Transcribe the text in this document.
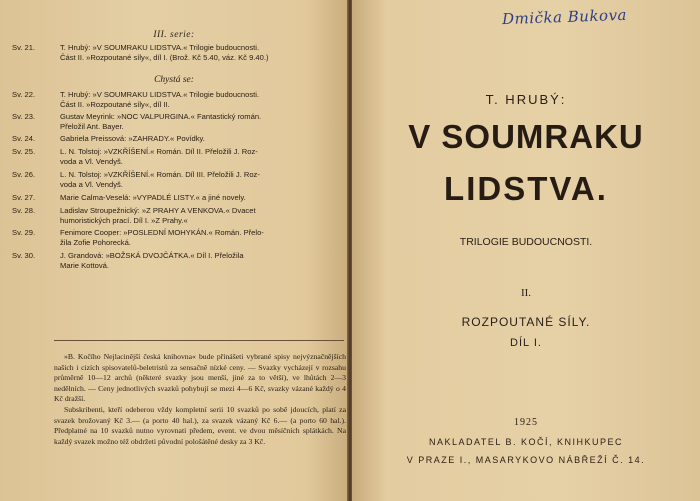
III. serie:
Sv. 21.	T. Hrubý: »V SOUMRAKU LIDSTVA.« Trilogie budoucnosti.
Část II. »Rozpoutané síly«, díl I. (Brož. Kč 5.40, váz. Kč 9.40.)
Chystá se:
Sv. 22.	T. Hrubý: »V SOUMRAKU LIDSTVA.« Trilogie budoucnosti.
Část II. »Rozpoutané síly«, díl II.
Sv. 23.	Gustav Meyrink: »NOC VALPURGINA.« Fantastický román.
Přeložil Ant. Bayer.
Sv. 24.	Gabriela Preissová: »ZAHRADY.« Povídky.
Sv. 25.	L. N. Tolstoj: »VZKŘÍŠENÍ.« Román. Díl II. Přeložili J. Roz-
voda a Vl. Vendyš.
Sv. 26.	L. N. Tolstoj: »VZKŘÍŠENÍ.« Román. Díl III. Přeložili J. Roz-
voda a Vl. Vendyš.
Sv. 27.	Marie Calma-Veselá: »VYPADLÉ LISTY.« a jiné novely.
Sv. 28.	Ladislav Stroupežnický: »Z PRAHY A VENKOVA.« Dvacet
humoristických prací. Díl I. »Z Prahy.«
Sv. 29.	Fenimore Cooper: »POSLEDNÍ MOHYKÁN.« Román. Přelo-
žila Zofie Pohorecká.
Sv. 30.	J. Grandová: »BOŽSKÁ DVOJČÁTKA.« Díl I. Přeložila
Marie Kottová.

»B. Kočího Nejlacinější česká knihovna« bude přinášeti vybrané spisy nejvýznačnějších našich i cizích spisovatelů-beletristů za sensačně nízké ceny. — Svazky vycházejí v rozsahu průměrně 10—12 archů (některé svazky jsou menší, jiné za to větší), ve lhůtách 2—3 nedělních. — Ceny jednotlivých svazků pohybují se mezi 4—6 Kč, svazky vázané každý o 4 Kč dražší.

Subskribenti, kteří odeberou vždy kompletní serii 10 svazků po sobě jdoucích, platí za svazek brožovaný Kč 3.— (a porto 40 hal.), za svazek vázaný Kč 6.— (a porto 60 hal.). Předplatné na 10 svazků nutno vyrovnati předem, event. ve dvou měsíčních splátkách. Na každý svazek možno též obdržeti původní pološátěné desky za 3 Kč.

Dmička Bukova
T. HRUBÝ:
V SOUMRAKU
LIDSTVA.
TRILOGIE BUDOUCNOSTI.
II.
ROZPOUTANÉ SÍLY.
DÍL I.
1925
NAKLADATEL B. KOČÍ, KNIHKUPEC
V PRAZE I., MASARYKOVO NÁBŘEŽÍ Č. 14.
